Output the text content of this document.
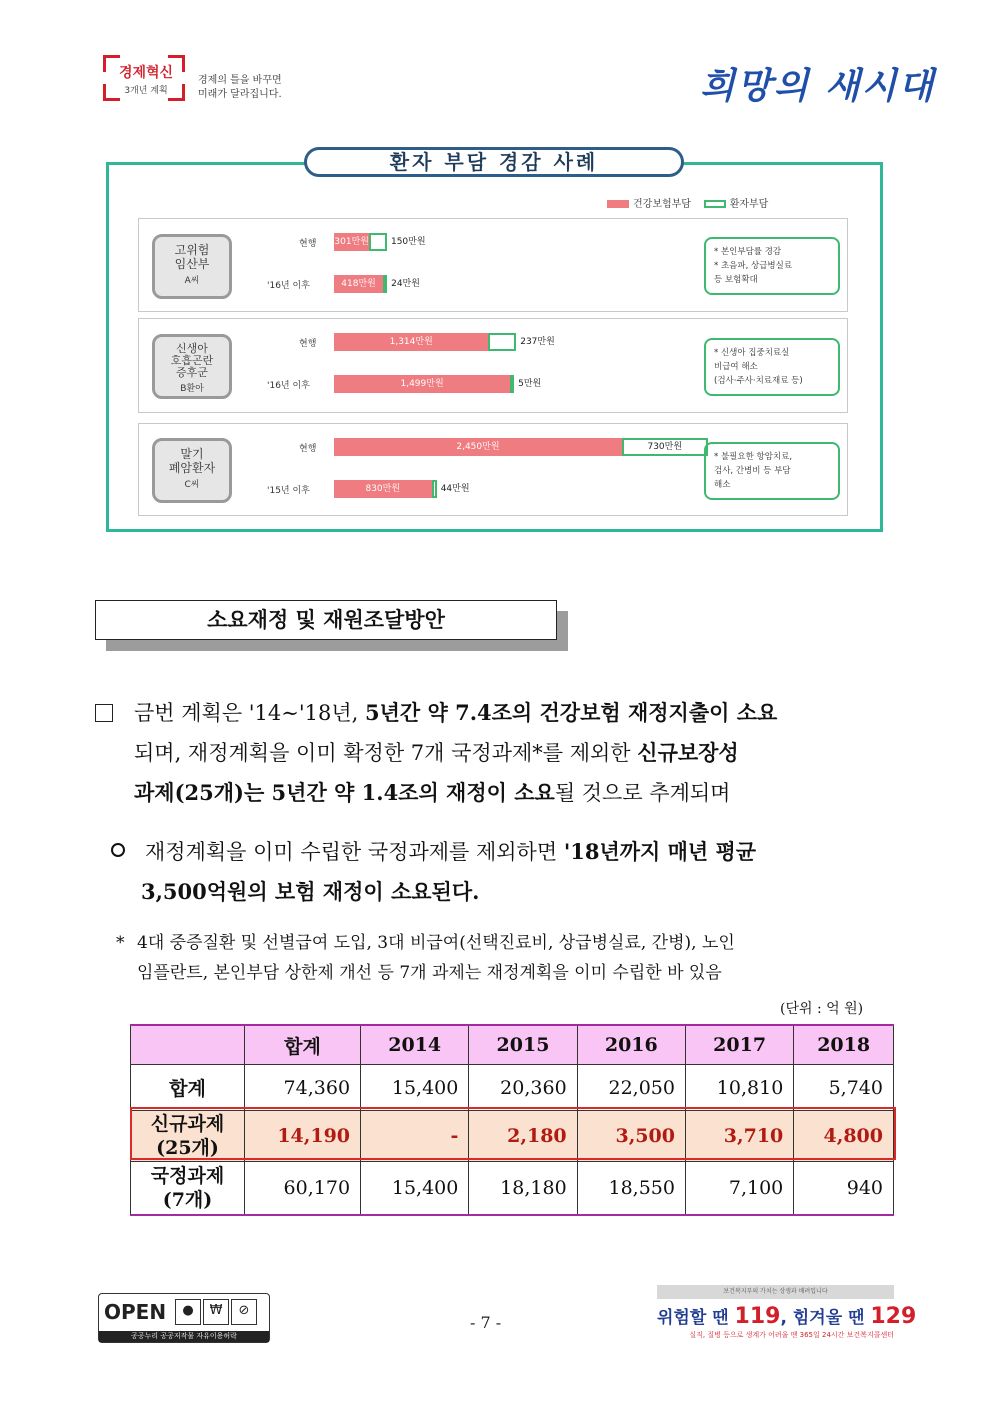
경제혁신
3개년 계획
경제의 틀을 바꾸면
미래가 달라집니다.	희망의 새시대
환자 부담 경감 사례
건강보험부담	환자부담
고위험
임산부
A씨
현행 301만원 150만원
'16년 이후	418만원	24만원
* 본인부담률 경감
* 초음파, 상급병실료
등 보험확대
신생아
호흡곤란
증후군
B환아
현행	1,314만원	237만원
'16년 이후	1,499만원	5만원
* 신생아 집중치료실
비급여 해소
(검사·주사·치료재료 등)
말기
폐암환자
C씨
현행	2,450만원	730만원
'15년 이후	830만원	44만원
* 불필요한 항암치료,
검사, 간병비 등 부담
해소
소요재정 및 재원조달방안
금번 계획은 '14∼'18년, 5년간 약 7.4조의 건강보험 재정지출이 소요
되며, 재정계획을 이미 확정한 7개 국정과제*를 제외한 신규보장성
과제(25개)는 5년간 약 1.4조의 재정이 소요될 것으로 추계되며
재정계획을 이미 수립한 국정과제를 제외하면 '18년까지 매년 평균
3,500억원의 보험 재정이 소요된다.
* 4대 중증질환 및 선별급여 도입, 3대 비급여(선택진료비, 상급병실료, 간병), 노인
임플란트, 본인부담 상한제 개선 등 7개 과제는 재정계획을 이미 수립한 바 있음
(단위 : 억 원)
	합계	2014	2015	2016	2017	2018
합계	74,360	15,400	20,360	22,050	10,810	5,740
신규과제
(25개)	14,190	-	2,180	3,500	3,710	4,800
국정과제
(7개)	60,170	15,400	18,180	18,550	7,100	940
OPEN	● ₩ ⊘
공공누리 공공저작물 자유이용허락
- 7 -
보건복지부의 가치는 상생과 배려입니다
위험할 땐 119, 힘겨울 땐 129
실직, 질병 등으로 생계가 어려울 땐 365일 24시간 보건복지콜센터
